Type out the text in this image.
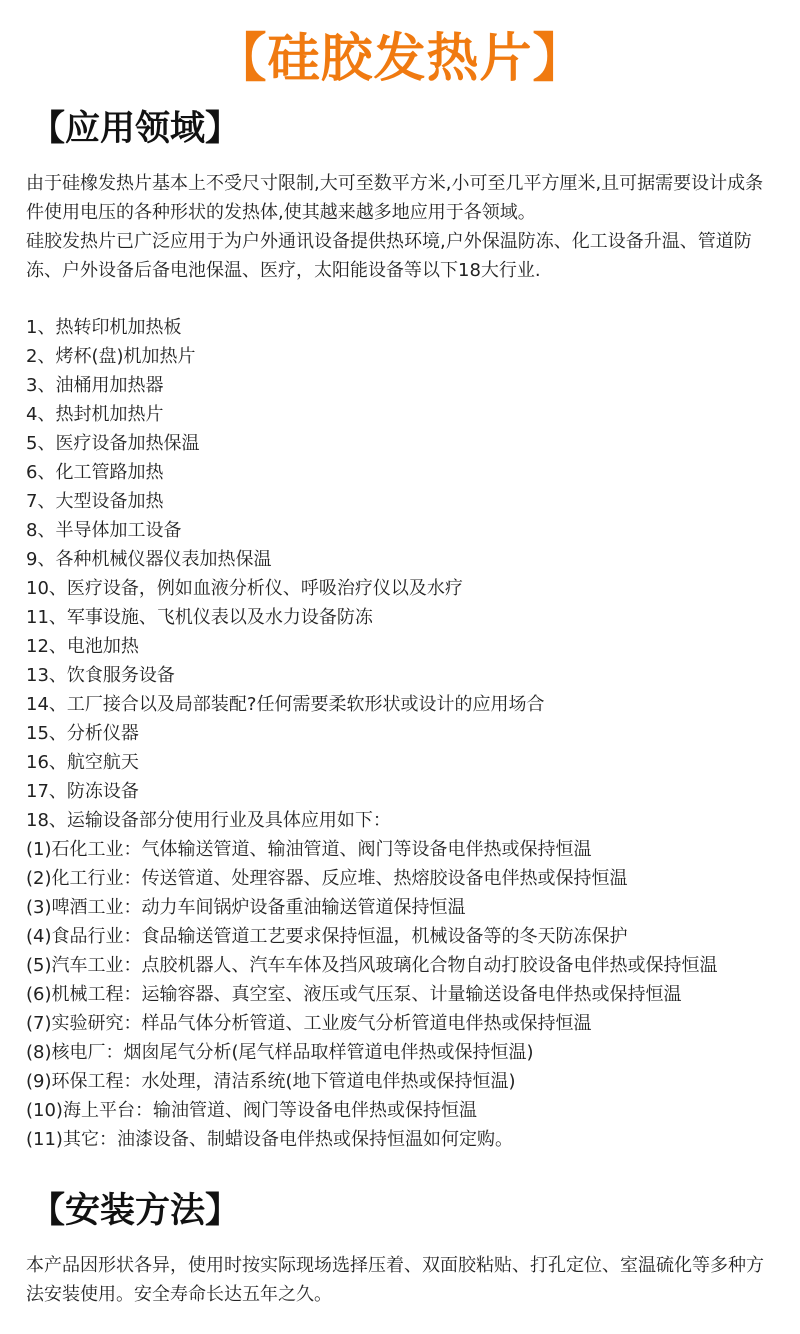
【硅胶发热片】
【应用领域】

由于硅橡发热片基本上不受尺寸限制,大可至数平方米,小可至几平方厘米,且可据需要设计成条件使用电压的各种形状的发热体,使其越来越多地应用于各领域。

硅胶发热片已广泛应用于为户外通讯设备提供热环境,户外保温防冻、化工设备升温、管道防冻、户外设备后备电池保温、医疗，太阳能设备等以下18大行业.

1、热转印机加热板
2、烤杯(盘)机加热片
3、油桶用加热器
4、热封机加热片
5、医疗设备加热保温
6、化工管路加热
7、大型设备加热
8、半导体加工设备
9、各种机械仪器仪表加热保温
10、医疗设备，例如血液分析仪、呼吸治疗仪以及水疗
11、军事设施、飞机仪表以及水力设备防冻
12、电池加热
13、饮食服务设备
14、工厂接合以及局部装配?任何需要柔软形状或设计的应用场合
15、分析仪器
16、航空航天
17、防冻设备
18、运输设备部分使用行业及具体应用如下：
(1)石化工业：气体输送管道、输油管道、阀门等设备电伴热或保持恒温
(2)化工行业：传送管道、处理容器、反应堆、热熔胶设备电伴热或保持恒温
(3)啤酒工业：动力车间锅炉设备重油输送管道保持恒温
(4)食品行业：食品输送管道工艺要求保持恒温，机械设备等的冬天防冻保护
(5)汽车工业：点胶机器人、汽车车体及挡风玻璃化合物自动打胶设备电伴热或保持恒温
(6)机械工程：运输容器、真空室、液压或气压泵、计量输送设备电伴热或保持恒温
(7)实验研究：样品气体分析管道、工业废气分析管道电伴热或保持恒温
(8)核电厂：烟囱尾气分析(尾气样品取样管道电伴热或保持恒温)
(9)环保工程：水处理，清洁系统(地下管道电伴热或保持恒温)
(10)海上平台：输油管道、阀门等设备电伴热或保持恒温
(11)其它：油漆设备、制蜡设备电伴热或保持恒温如何定购。
【安装方法】
本产品因形状各异，使用时按实际现场选择压着、双面胶粘贴、打孔定位、室温硫化等多种方法安装使用。安全寿命长达五年之久。
